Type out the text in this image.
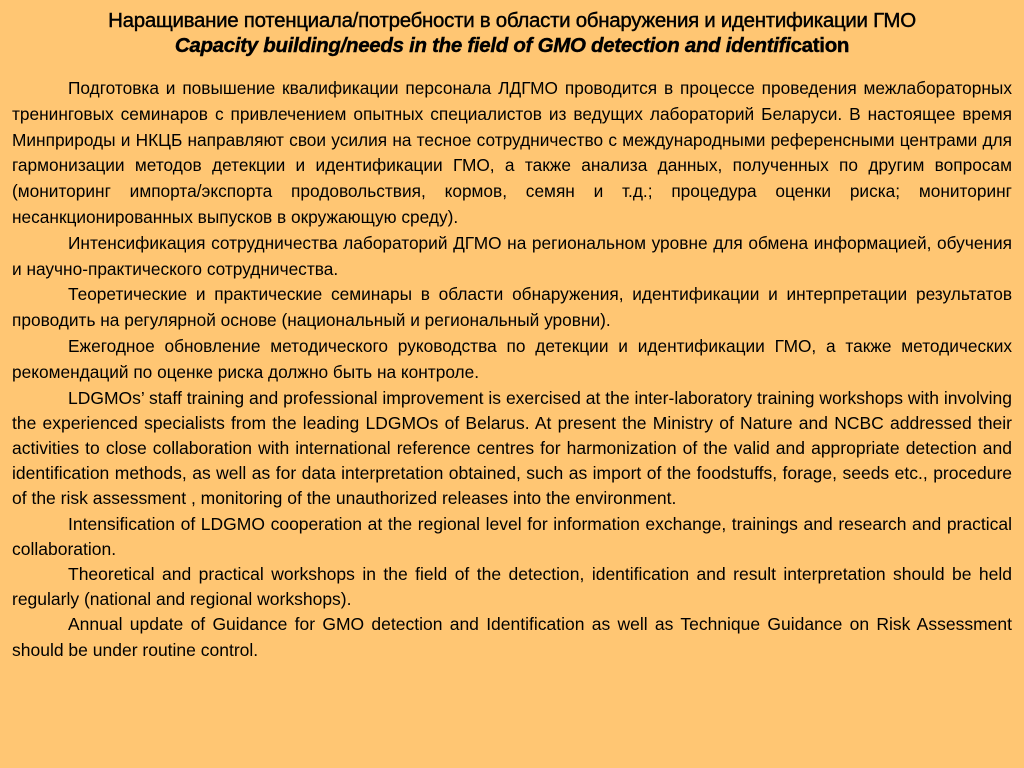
Наращивание потенциала/потребности в области обнаружения и идентификации ГМО
Capacity building/needs in the field of GMO detection and identification

Подготовка и повышение квалификации персонала ЛДГМО проводится в процессе проведения межлабораторных тренинговых семинаров с привлечением опытных специалистов из ведущих лабораторий Беларуси. В настоящее время Минприроды и НКЦБ направляют свои усилия на тесное сотрудничество с международными референсными центрами для гармонизации методов детекции и идентификации ГМО, а также анализа данных, полученных по другим вопросам (мониторинг импорта/экспорта продовольствия, кормов, семян и т.д.; процедура оценки риска; мониторинг несанкционированных выпусков в окружающую среду).

Интенсификация сотрудничества лабораторий ДГМО на региональном уровне для обмена информацией, обучения и научно-практического сотрудничества.

Теоретические и практические семинары в области обнаружения, идентификации и интерпретации результатов проводить на регулярной основе (национальный и региональный уровни).

Ежегодное обновление методического руководства по детекции и идентификации ГМО, а также методических рекомендаций по оценке риска должно быть на контроле.

LDGMOs’ staff training and professional improvement is exercised at the inter-laboratory training workshops with involving the experienced specialists from the leading LDGMOs of Belarus. At present the Ministry of Nature and NCBC addressed their activities to close collaboration with international reference centres for harmonization of the valid and appropriate detection and identification methods, as well as for data interpretation obtained, such as import of the foodstuffs, forage, seeds etc., procedure of the risk assessment , monitoring of the unauthorized releases into the environment.

Intensification of LDGMO cooperation at the regional level for information exchange, trainings and research and practical collaboration.

Theoretical and practical workshops in the field of the detection, identification and result interpretation should be held regularly (national and regional workshops).

Annual update of Guidance for GMO detection and Identification as well as Technique Guidance on Risk Assessment should be under routine control.
